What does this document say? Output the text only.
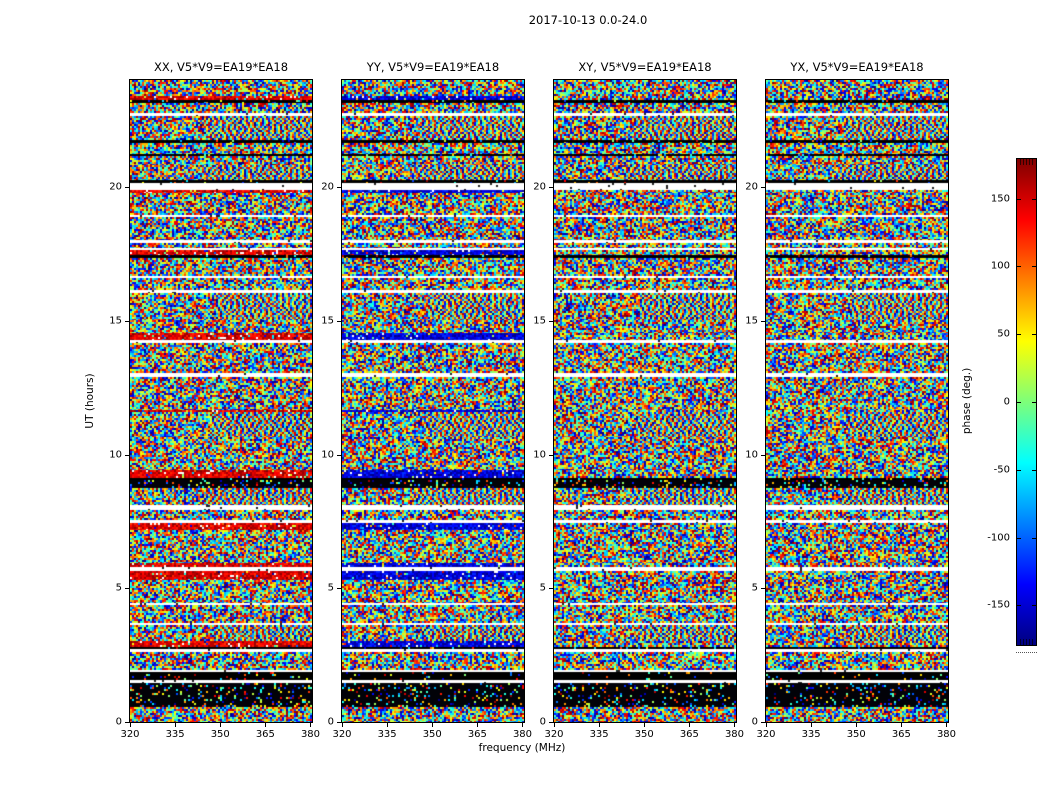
2017-10-13 0.0-24.0
XX, V5*V9=EA19*EA18	YY, V5*V9=EA19*EA18	XY, V5*V9=EA19*EA18	YX, V5*V9=EA19*EA18
UT (hours)
frequency (MHz)
phase (deg.)
320	335	350	365	380
0
5
10
15
20
320	335	350	365	380
0
5
10
15
20
320	335	350	365	380
0
5
10
15
20
320	335	350	365	380
0
5
10
15
20
150
100
50
0
-50
-100
-150
